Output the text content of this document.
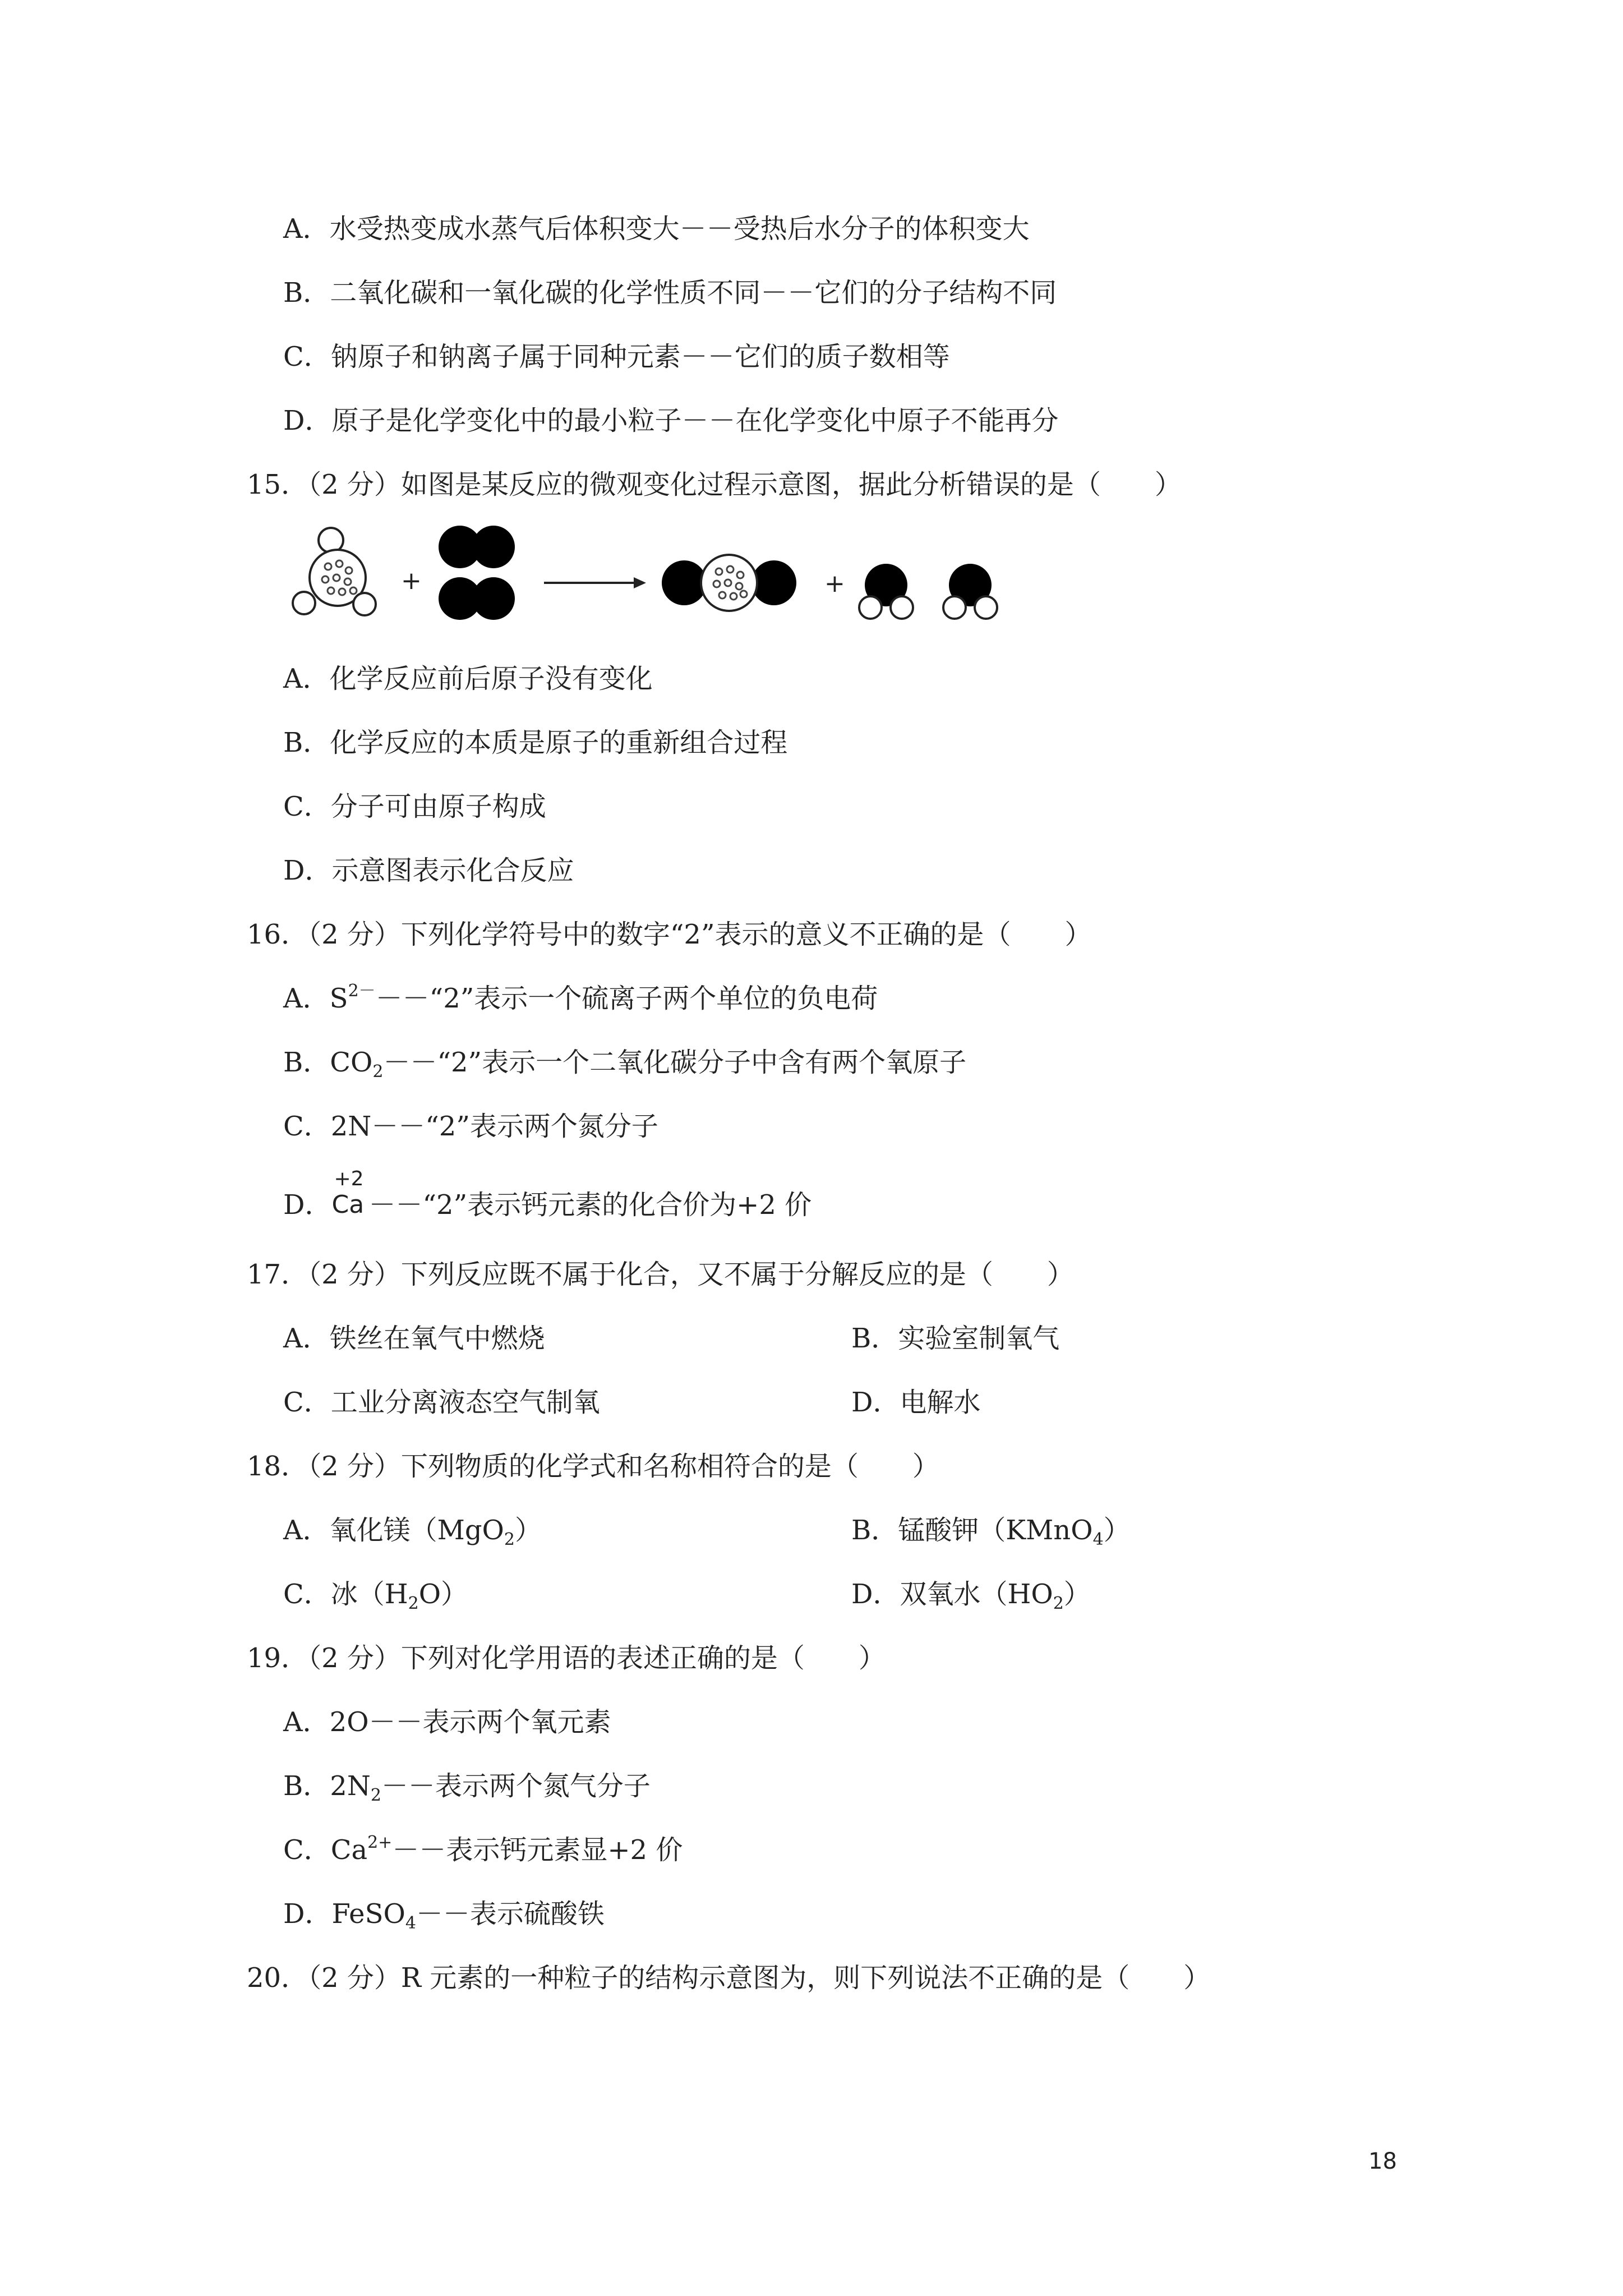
A．水受热变成水蒸气后体积变大－－受热后水分子的体积变大
B．二氧化碳和一氧化碳的化学性质不同－－它们的分子结构不同
C．钠原子和钠离子属于同种元素－－它们的质子数相等
D．原子是化学变化中的最小粒子－－在化学变化中原子不能再分
15．（2 分）如图是某反应的微观变化过程示意图，据此分析错误的是（　　）
+	+
A．化学反应前后原子没有变化
B．化学反应的本质是原子的重新组合过程
C．分子可由原子构成
D．示意图表示化合反应
16．（2 分）下列化学符号中的数字“2”表示的意义不正确的是（　　）
A．$S^{2-}--“2$”表示一个硫离子两个单位的负电荷
B．$CO_2--“2$”表示一个二氧化碳分子中含有两个氧原子
C．2N－－“2”表示两个氮分子
D．
+2
Ca －－“2”表示钙元素的化合价为+2 价
17．（2 分）下列反应既不属于化合，又不属于分解反应的是（　　）
A．铁丝在氧气中燃烧	B．实验室制氧气
C．工业分离液态空气制氧	D．电解水
18．（2 分）下列物质的化学式和名称相符合的是（　　）
A．氧化镁（MgO$_2$）	B．锰酸钾（KMnO$_4$）
C．冰$(H_2O)$	D．双氧水$(HO_2)$
19．（2 分）下列对化学用语的表述正确的是（　　）
A．2O－－表示两个氧元素
B．$2N_2--$表示两个氮气分子
C．$Ca^{2+}--$表示钙元素显+2 价
D．FeSO$_4$－－表示硫酸铁
20．（2 分）R 元素的一种粒子的结构示意图为，则下列说法不正确的是（　　）
18
